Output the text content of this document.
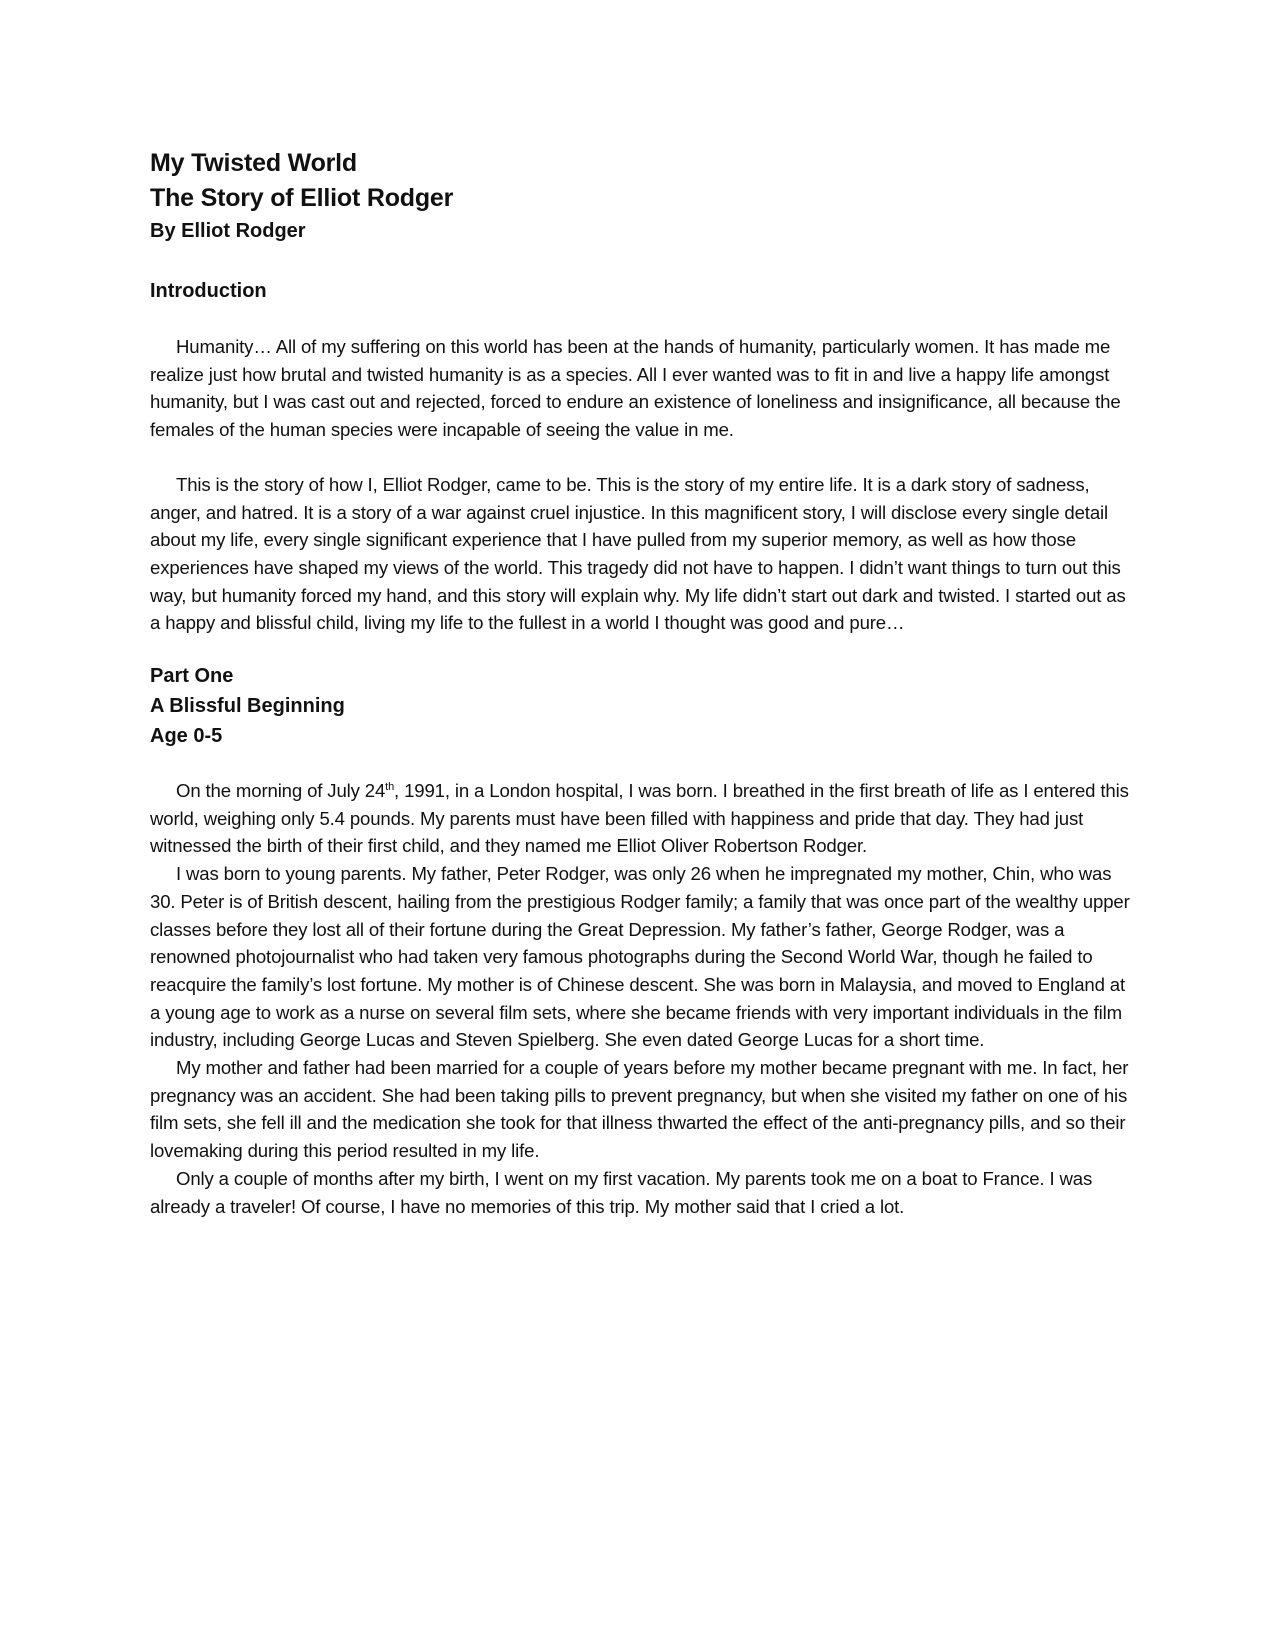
My Twisted World
The Story of Elliot Rodger
By Elliot Rodger
Introduction

Humanity… All of my suffering on this world has been at the hands of humanity, particularly women. It has made me realize just how brutal and twisted humanity is as a species. All I ever wanted was to fit in and live a happy life amongst humanity, but I was cast out and rejected, forced to endure an existence of loneliness and insignificance, all because the females of the human species were incapable of seeing the value in me.

This is the story of how I, Elliot Rodger, came to be. This is the story of my entire life. It is a dark story of sadness, anger, and hatred. It is a story of a war against cruel injustice. In this magnificent story, I will disclose every single detail about my life, every single significant experience that I have pulled from my superior memory, as well as how those experiences have shaped my views of the world. This tragedy did not have to happen. I didn’t want things to turn out this way, but humanity forced my hand, and this story will explain why. My life didn’t start out dark and twisted. I started out as a happy and blissful child, living my life to the fullest in a world I thought was good and pure…

Part One
A Blissful Beginning
Age 0-5

On the morning of July 24th, 1991, in a London hospital, I was born. I breathed in the first breath of life as I entered this world, weighing only 5.4 pounds. My parents must have been filled with happiness and pride that day. They had just witnessed the birth of their first child, and they named me Elliot Oliver Robertson Rodger.

I was born to young parents. My father, Peter Rodger, was only 26 when he impregnated my mother, Chin, who was 30. Peter is of British descent, hailing from the prestigious Rodger family; a family that was once part of the wealthy upper classes before they lost all of their fortune during the Great Depression. My father’s father, George Rodger, was a renowned photojournalist who had taken very famous photographs during the Second World War, though he failed to reacquire the family’s lost fortune. My mother is of Chinese descent. She was born in Malaysia, and moved to England at a young age to work as a nurse on several film sets, where she became friends with very important individuals in the film industry, including George Lucas and Steven Spielberg. She even dated George Lucas for a short time.

My mother and father had been married for a couple of years before my mother became pregnant with me. In fact, her pregnancy was an accident. She had been taking pills to prevent pregnancy, but when she visited my father on one of his film sets, she fell ill and the medication she took for that illness thwarted the effect of the anti-pregnancy pills, and so their lovemaking during this period resulted in my life.

Only a couple of months after my birth, I went on my first vacation. My parents took me on a boat to France. I was already a traveler! Of course, I have no memories of this trip. My mother said that I cried a lot.
